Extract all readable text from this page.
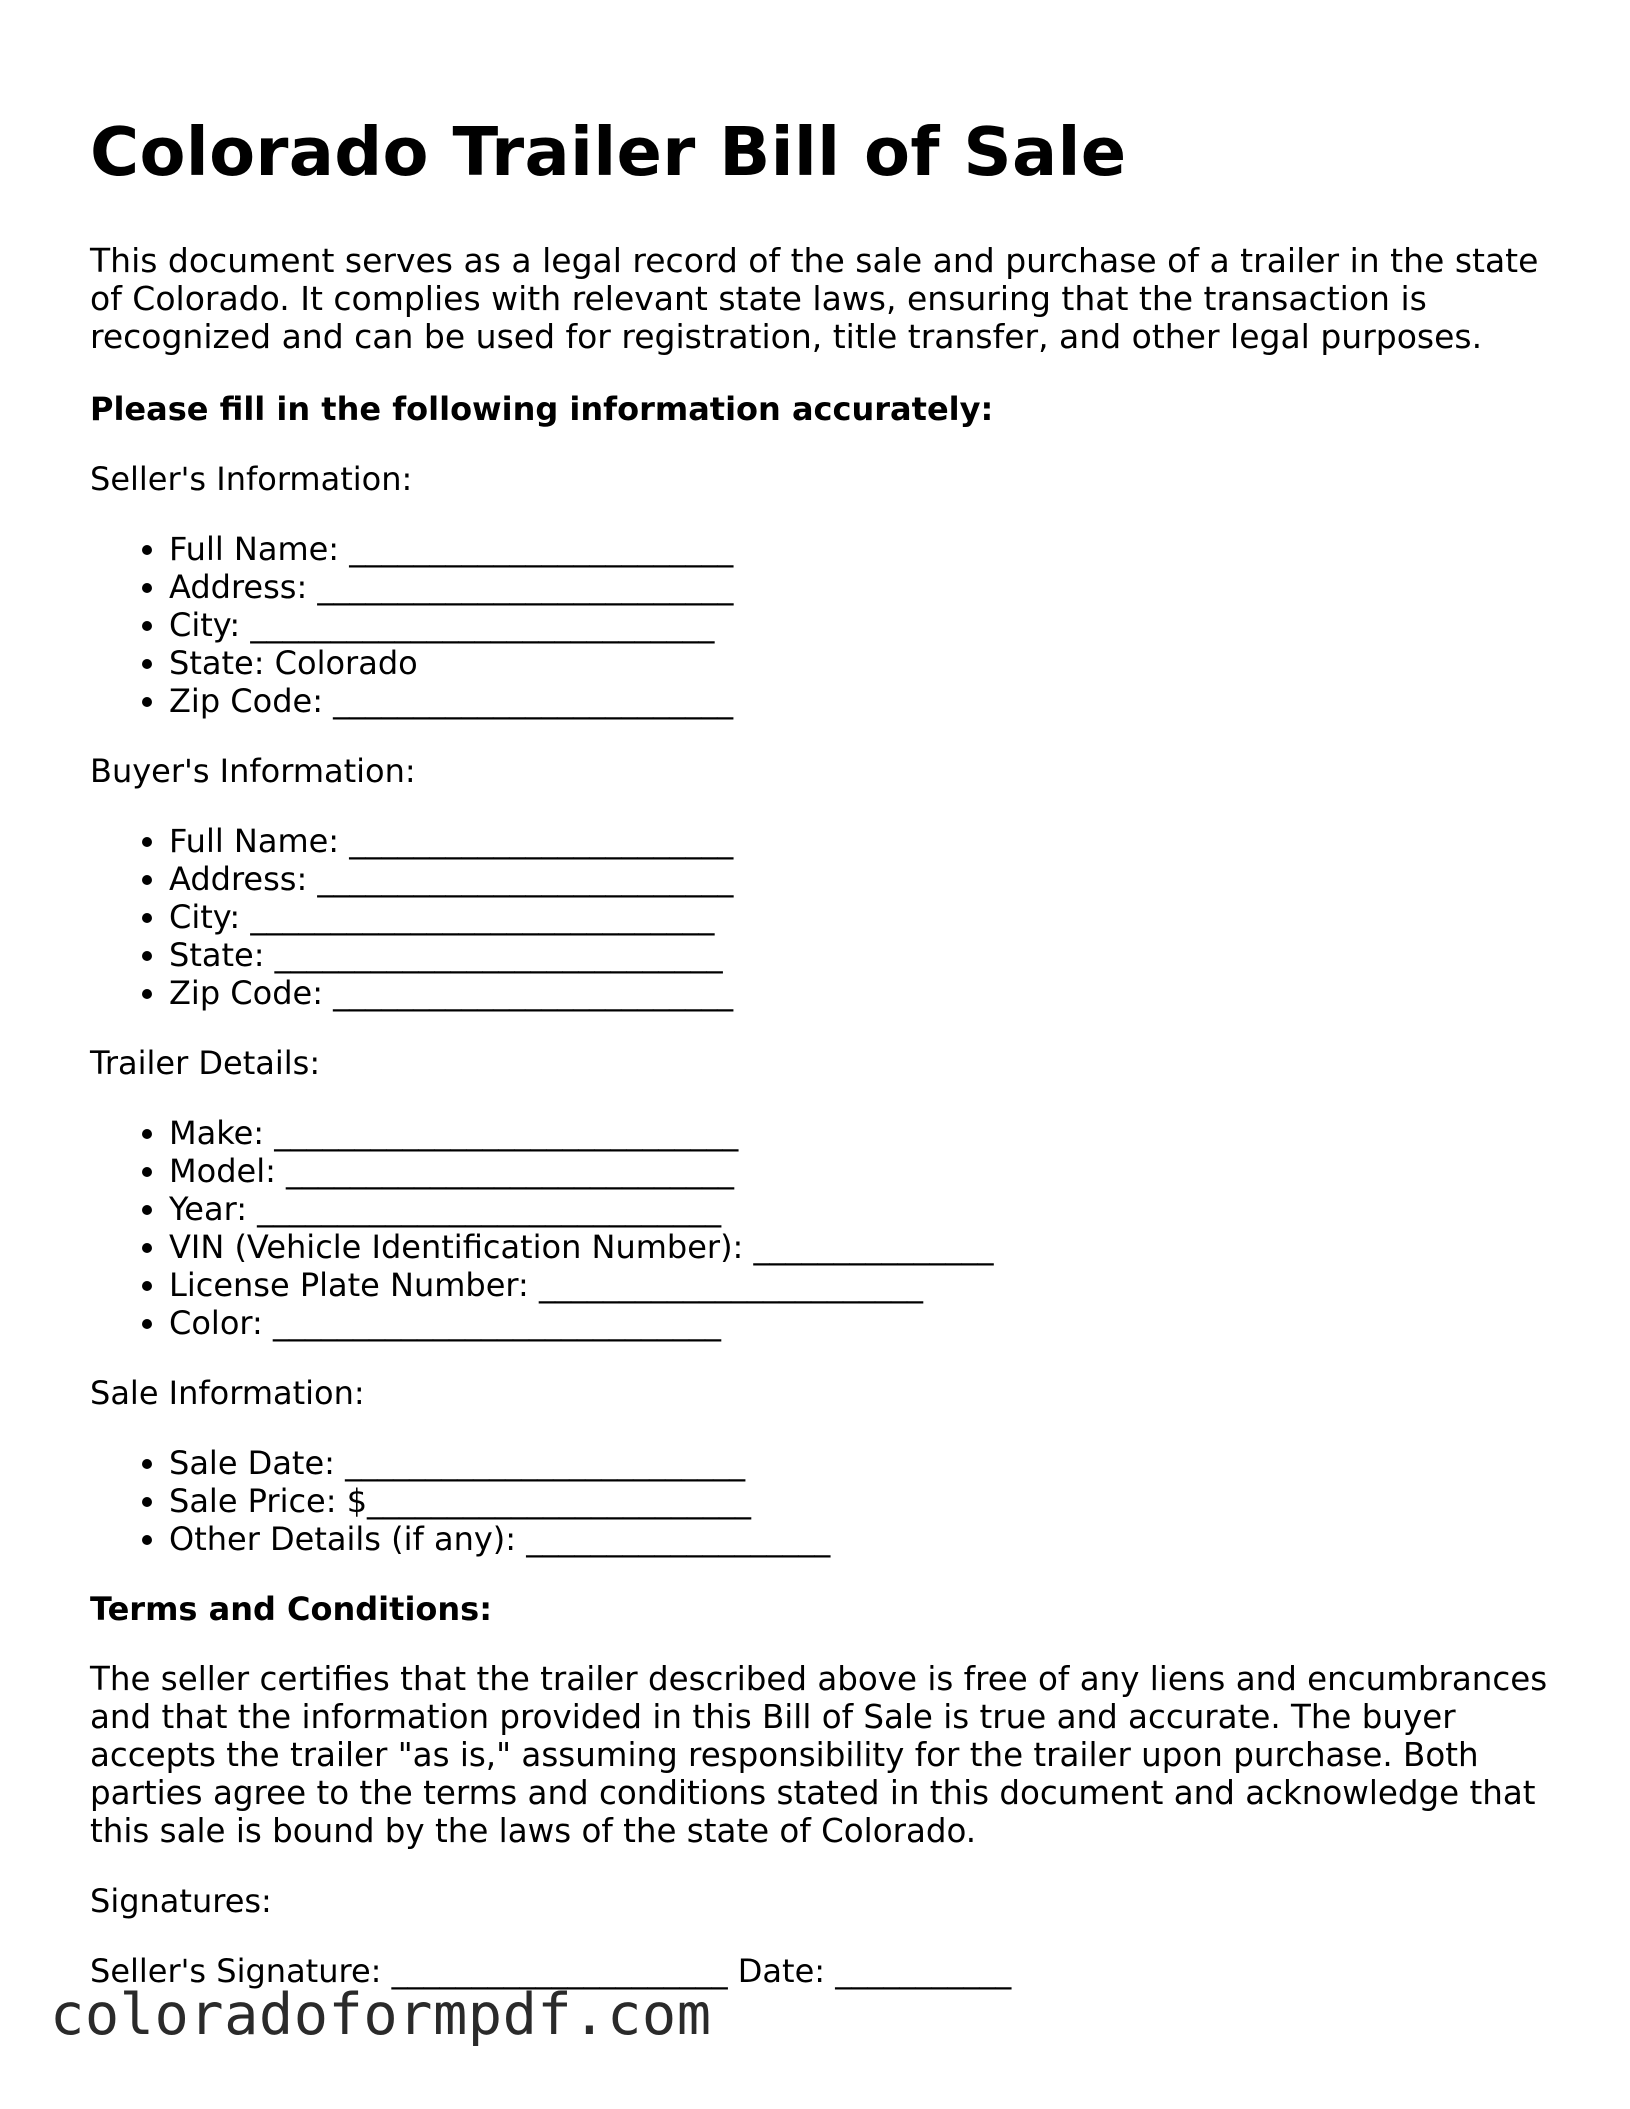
Colorado Trailer Bill of Sale

This document serves as a legal record of the sale and purchase of a trailer in the state of Colorado. It complies with relevant state laws, ensuring that the transaction is recognized and can be used for registration, title transfer, and other legal purposes.

Please fill in the following information accurately:

Seller's Information:

• Full Name: ________________________
• Address: __________________________
• City: _____________________________
• State: Colorado
• Zip Code: _________________________

Buyer's Information:

• Full Name: ________________________
• Address: __________________________
• City: _____________________________
• State: ____________________________
• Zip Code: _________________________

Trailer Details:

• Make: _____________________________
• Model: ____________________________
• Year: _____________________________
• VIN (Vehicle Identification Number): _______________
• License Plate Number: ________________________
• Color: ____________________________

Sale Information:

• Sale Date: _________________________
• Sale Price: $________________________
• Other Details (if any): ___________________

Terms and Conditions:

The seller certifies that the trailer described above is free of any liens and encumbrances and that the information provided in this Bill of Sale is true and accurate. The buyer accepts the trailer "as is," assuming responsibility for the trailer upon purchase. Both parties agree to the terms and conditions stated in this document and acknowledge that this sale is bound by the laws of the state of Colorado.

Signatures:

Seller's Signature: _____________________ Date: ___________

coloradoformpdf.com
